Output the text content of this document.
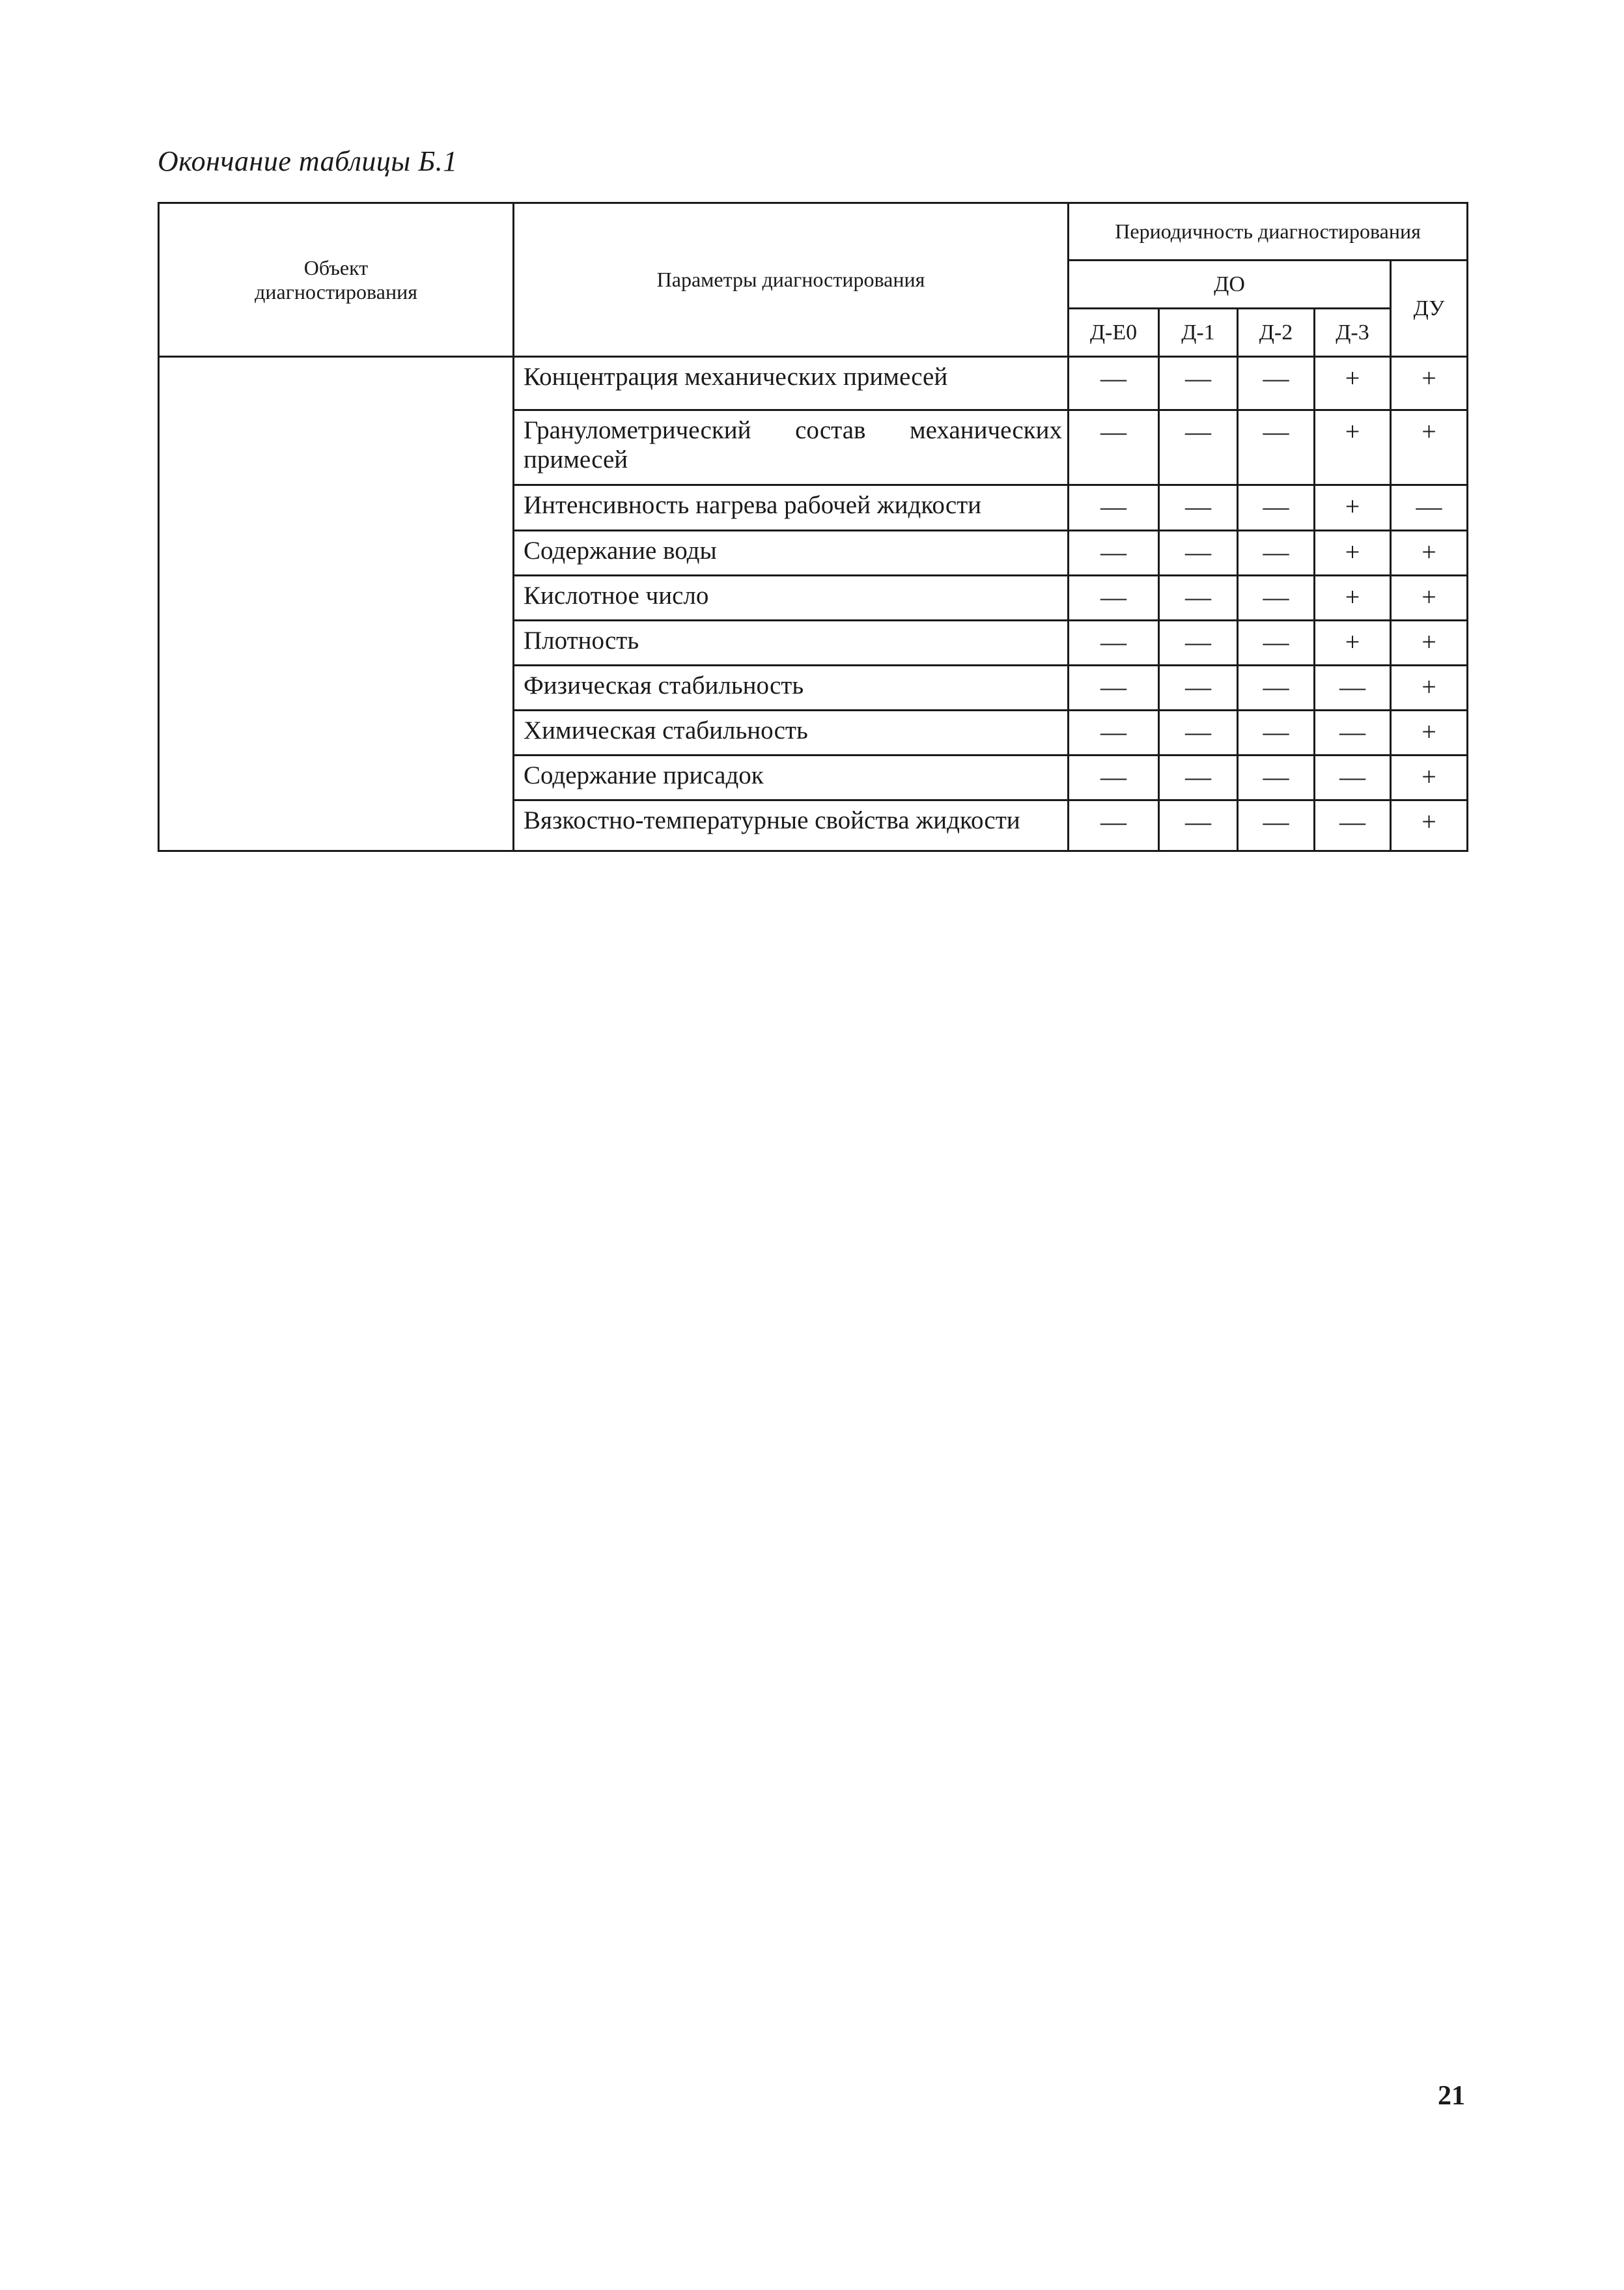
Окончание таблицы Б.1
Объект диагностирования	Параметры диагностирования	Периодичность диагностирования				
		ДО				ДУ
		Д-Е0	Д-1	Д-2	Д-3	
	Концентрация механических примесей	—	—	—	+	+
	Гранулометрический состав механических примесей	—	—	—	+	+
	Интенсивность нагрева рабочей жидкости	—	—	—	+	—
	Содержание воды	—	—	—	+	+
	Кислотное число	—	—	—	+	+
	Плотность	—	—	—	+	+
	Физическая стабильность	—	—	—	—	+
	Химическая стабильность	—	—	—	—	+
	Содержание присадок	—	—	—	—	+
	Вязкостно-температурные свойства жидкости	—	—	—	—	+
21
